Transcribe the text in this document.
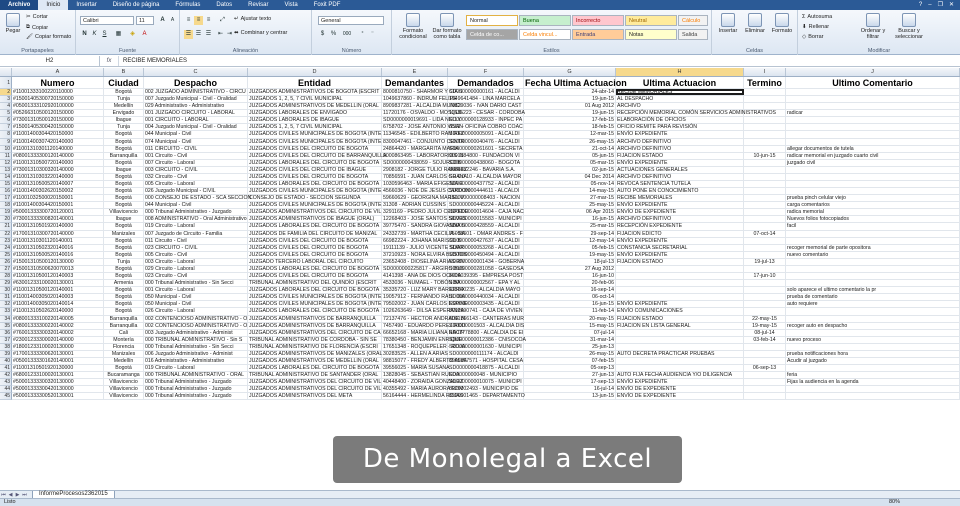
Archivo	Inicio	Insertar	Diseño de página	Fórmulas	Datos	Revisar	Vista	Foxit PDF	? – ❐ ✕
Pegar
✂ Cortar
⧉ Copiar
🖌 Copiar formato
Portapapeles
Calibri	11	A	A
N K S	▦	◈	A
Fuente
≡	≡	≡	⤢	↵ Ajustar texto
☰ ☰ ☰	⇤ ⇥ ⬌ Combinar y centrar
Alineación
General
$	%	000	⁺	⁻
Número
Formato condicional
Dar formato como tabla
Normal	Buena	Incorrecto	Neutral	Cálculo
Celda de co...	Celda vincul...	Entrada	Notas	Salida
Estilos
Insertar Eliminar Formato
Celdas
Σ Autosuma
⬇ Rellenar
◇ Borrar
Ordenar y filtrar
Buscar y seleccionar
Modificar
H2	fx	RECIBE MEMORIALES
A	B	C	D	E	F	G	H	I	J
1
2
3
4
5
6
7
8
9
10
11
12
13
14
15
16
17
18
19
20
21
22
23
24
25
26
27
28
29
30
31
32
33
34
35
36
37
38
39
40
41
42
43
44
45
Numero	Ciudad	Despacho	Entidad	Demandantes	Demandados	Fecha Ultima Actuacion	Ultima Actuacion	Termino	Ultimo Comentario
#11001333100220110000	Bogotá	002 JUZGADO ADMINISTRATIVO - CIRCU JUZGADOS ADMINISTRATIVOS DE BOGOTA (ESCRIT 8000810750 - SHARMOR Y CIA S
SD0000000000161 - ALCALDI	24-abr-14 RECIBE MEMORIALES
#15001405300720150000	Tunja	007 Juzgado Municipal - Civil - Oralidad	JUZGADOS 1, 2, 5, 7 CIVIL MUNICIPAL	1049637860 - INDRUM FELIPE
1049641484 - LINA MARCELA	19-jun-15 AL DESPACHO
#05001333102920100000	Medellín	029 Administrativo - Administrativo	JUZGADOS ADMINISTRATIVOS DE MEDELLIN (ORAL 8909837281 - ALCALDIA MUNICI
70829036 - IVAN DARIO CAST	01 Aug 2012 ARCHIVO
#05266310500120150000	Envigado	001 JUZGADO CIRCUITO - LABORAL	JUZGADOS LABORALES DE ENVIGADO	11720176 - OSVALDO - MOSQUE
11635223 - CESAR - CORDOBA	19-jun-15 RECEPCIÓN MEMORIAL COMÓN SERVICIOS ADMINISTRATIVOS radicar
#73001310500120150000	Ibague	001 CIRCUITO - LABORAL	JUZGADOS LABORALES DE IBAGUE	SD0000000019691 - LIDA NELLY
SD0000000128933 - INPEC PA	17-feb-15 ELABORACIÓN DE OFICIOS
#15001405300420150000	Tunja	004 Juzgado Municipal - Civil - Oralidad	JUZGADOS 1, 2, 5, 7 CIVIL MUNICIPAL	6758702 - JOSE ANTONIO VISAN
6562 - OFICINA COBRO COAC	18-feb-15 OFICIO REMITE PARA REVISIÓN
#11001400304420150000	Bogotá	044 Municipal - Civil	JUZGADOS CIVILES MUNICIPALES DE BOGOTA (INTE 11346545 - EDILBERTO RAMIREZ
SD0000000005091 - ALCALDI	12-mar-15 ENVÍO EXPEDIENTE
#11001400307420140000	Bogotá	074 Municipal - Civil	JUZGADOS CIVILES MUNICIPALES DE BOGOTA (INTE 8300047461 - CONJUNTO CENTR
SD0000000040476 - ALCALDI	26-may-15 ARCHIVO DEFINITIVO
#11001310301120140000	Bogotá	011 CIRCUITO - CIVIL	JUZGADOS CIVILES DEL CIRCUITO DE BOGOTA	24864420 - MARGARITA MARIA
SD0000000261601 - SECRETA	21-oct-14 ARCHIVO DEFINITIVO	allegar documentos de tutela
#08001333300120140000	Barranquilla	001 Circuito - Civil	JUZGADOS CIVILES DEL CIRCUITO DE BARRANQUILLA
9000863495 - LABORATORIOS IN
9001384800 - FUNDACION VI	05-jun-15 FIJACION ESTADO	10-jun-15	radicar memorial en juzgado cuarto civil
#11001310500720140000	Bogotá	007 Circuito - Laboral	JUZGADOS LABORALES DEL CIRCUITO DE BOGOTA SD0000000438059 - SOJURCOB
SD0000000438060 - BOGOTA	05-mar-15 ENVÍO EXPEDIENTE	juzgado civil
#73001310300320140000	Ibague	003 CIRCUITO - CIVIL	JUZGADOS CIVILES DEL CIRCUITO DE IBAGUE	2908182 - JORGE TULIO RAMIREZ
8688852246 - BAVARIA S.A.	02-jun-15 ACTUACIONES GENERALES
#11001310303220140000	Bogotá	032 Circuito - Civil	JUZGADOS CIVILES DEL CIRCUITO DE BOGOTA	70856591 - JUAN CARLOS GRANA
SD 0.0 10 - ALCALDIA MAYOR	04 Dec 2014 ARCHIVO DEFINITIVO
#11001310500520140007	Bogotá	005 Circuito - Laboral	JUZGADOS LABORALES DEL CIRCUITO DE BOGOTA 1030596463 - MARIA EFIGENIA E
SD0000000437752 - ALCALDI	05-nov-14 REVOCA SENTENCIA TUTELA
#11001400302620150002	Bogotá	026 Juzgado Municipal - CIVIL	JUZGADOS CIVILES MUNICIPALES DE BOGOTA (INTE 4566036 - NOE DE JESUS CARDON
SD0000000444611 - ALCALDI	14-may-15 AUTO PONE EN CONOCIMIENTO
#11001032500020150001	Bogotá	000 CONSEJO DE ESTADO - SCA SECCION
CONSEJO DE ESTADO - SECCION SEGUNDA	59660629 - GEORGINA MARIEL V
1500000000008403 - NACION	27-mar-15 RECIBE MEMORIALES	prueba pinch celular viejo
#11001400304420150001	Bogotá	044 Municipal - Civil	JUZGADOS CIVILES MUNICIPALES DE BOGOTA (INTE 31308 - ADRIAN CUSSINS SD0000000445224 - ALCALDI	25-may-15 ENVÍO EXPEDIENTE	carga comentarios
#50001333300720120001	Villavicencio	000 Tribunal Administrativo - Juzgado	JUZGADOS ADMINISTRATIVOS DEL CIRCUITO DE VIL 3291169 - PEDRO JULIO CESPEDE
SD0000000014604 - CAJA NAC	06 Apr 2015 ENVÍO DE EXPEDIENTE	radica memorial
#73001333300820140001	Ibague	008 ADMINISTRATIVO - Oral Administrativo JUZGADOS ADMINISTRATIVOS DE IBAGUE (ORAL)	12268403 - JOSE SANTOS SILVES
SD0000000015583 - MUNICIPI	16-jun-15 ARCHIVO DEFINITIVO	Nuevos folios fotocopiados
#11001310501920140000	Bogotá	019 Circuito - Laboral	JUZGADOS LABORALES DEL CIRCUITO DE BOGOTA 39775470 - SANDRA GIOVANNA S
SD0000000428559 - ALCALDI	25-mar-15 RECEPCIÓN EXPEDIENTE	facil
#17001310300720140000	Manizales	007 Juzgado de Circuito - Familia	JUZGADOS DE FAMILIA DEL CIRCUITO DE MANIZAL	24332739 - MARTHA CECILIA - SA
75098601 - OMAR ANDRES - F	29-sep-14 FIJACION EDICTO	07-oct-14
#11001310301120140001	Bogotá	011 Circuito - Civil	JUZGADOS CIVILES DEL CIRCUITO DE BOGOTA	66982224 - JOHANA MARISOL B
SD0000000427637 - ALCALDI	12-may-14 ENVÍO EXPEDIENTE
#11001310502320140016	Bogotá	023 CIRCUITO - CIVIL	JUZGADOS CIVILES DEL CIRCUITO DE BOGOTA	19111139 - JULIO VICENTE SUAR
SD0000000053268 - ALCALDI	05-feb-15 CONSTANCIA SECRETARIAL	recoger memorial de parte opositora
#11001310500520140016	Bogotá	005 Circuito - Civil	JUZGADOS CIVILES DEL CIRCUITO DE BOGOTA	37210923 - NORA ELVIRA BUSTOS
SD0000000450494 - ALCALDI	19-may-15 ENVÍO EXPEDIENTE	nuevo comentario
#15001310500120130000	Tunja	003 Circuito - Laboral	JUZGADO TERCERO LABORAL DEL CIRCUITO	23652408 - DIOSELINA ARIAS RIV
SD0000000001434 - GOBERNA	18-jul-13 FIJACION ESTADO	19-jul-13
#15001310500620070013	Bogotá	029 Circuito - Laboral	JUZGADOS LABORALES DEL CIRCUITO DE BOGOTA SD0000000225817 - ARGIRO BUS
SD0000000281058 - GASEOSA	27 Aug 2012
#11001310500120140003	Bogotá	023 Circuito - Civil	JUZGADOS CIVILES DEL CIRCUITO DE BOGOTA	4141398 - ANA DE DIOS OCHOA
8909039395 - EMPRESA POST	16-jun-10	17-jun-10
#63001233100020130001	Armenia	000 Tribunal Administrativo - Sin Secci	TRIBUNAL ADMINISTRATIVO DEL QUINDÍO (ESCRIT	4533036 - NUMAEL - TOBÓN BA
SD0000000002567 - EPA Y AL	20-feb-06
#11001310500120140001	Bogotá	001 Circuito - Laboral	JUZGADOS LABORALES DEL CIRCUITO DE BOGOTA 35335720 - LUZ MARY BARRERO
125640235 - ALCALDIA MAYO	16-sep-14	solo aparece el ultimo comentario la pr
#11001400305020140003	Bogotá	050 Municipal - Civil	JUZGADOS CIVILES MUNICIPALES DE BOGOTA (INTE 19057912 - FERNANDO RAUL DIA
SD0000000440034 - ALCALDI	06-oct-14	prueba de comentario
#11001400305020140014	Bogotá	050 Municipal - Civil	JUZGADOS CIVILES MUNICIPALES DE BOGOTA (INTE 79502002 - JUAN CARLOS ESPINE
SD0000000003435 - ALCALDI	16-jun-15 ENVÍO EXPEDIENTE	auto requiere
#11001310502620140000	Bogotá	026 Circuito - Laboral	JUZGADOS LABORALES DEL CIRCUITO DE BOGOTA 1026263649 - DILSA ESPERANZA
8999990741 - CAJA DE VIVIEN	11-feb-14 ENVÍO COMUNICACIONES
#08001333100220140005	Barranquilla	002 CONTENCIOSO ADMINISTRATIVO - O JUZGADOS ADMINISTRATIVOS DE BARRANQUILLA	72137476 - HECTOR ANDRADE BI
8001766143 - CANTERAS MUR	20-may-15 FIJACION ESTADO	22-may-15
#08001333300220140002	Barranquilla	002 CONTENCIOSO ADMINISTRATIVO - O JUZGADOS ADMINISTRATIVOS DE BARRANQUILLA	7457490 - EDUARDO PEREZ ROD
SD0000001503 - ALCALDIA DIS	15-may-15 FIJACION EN LISTA GENERAL	19-may-15	recoger auto en despacho
#76001333300320140002	Cali	003 Juzgado Administrativo - Administ	JUZGADOS ADMINISTRATIVOS DEL CIRCUITO DE CA 66652168 - MARIA LILIANA RACIP
SD07778800 - ALCALDIA DE EI	07-jul-14	08-jul-14
#23001233300020140000	Montería	000 TRIBUNAL ADMINISTRATIVO - Sin S	TRIBUNAL ADMINISTRATIVO DE CORDOBA - SIN SE	78380450 - BENJAMIN ENRIQUE
SD0000000012386 - CNISOCOA	31-mar-14	03-feb-14	nuevo proceso
#18001233100020130000	Florencia	000 Tribunal Administrativo - Sin Secci	TRIBUNAL ADMINISTRATIVO DE FLORENCIA (ESCRI 17651348 - ROQUEPELER - ROJA
SD0000000001630 - MUNICIPI	25-jun-13
#17001333300620130001	Manizales	006 Juzgado Administrativo - Administ	JUZGADOS ADMINISTRATIVOS DE MANIZALES (ORAL 30283525 - ALLEN A ARIAS SD0000000111174 - ALCALDI	26-may-15 AUTO DECRETA PRACTICAR PRUEBAS	prueba notificaciones hora
#05001333301620140001	Medellín	016 Administrativo - Administrativo	JUZGADOS ADMINISTRATIVOS DE MEDELLIN (ORAL 98815077 - FREDY ALBERTO ALVA
8909807571 - HOSPITAL CESA	07-feb-15	Acudir al juzgado
#11001310501920130000	Bogotá	019 Circuito - Laboral	JUZGADOS LABORALES DEL CIRCUITO DE BOGOTA 39556025 - MARIA SUSANA SD0000000418875 - ALCALDI	05-sep-13	06-sep-13
#68001233100020130001	Bucaramanga	000 TRIBUNAL ADMINISTRATIVO - ORAL TRIBUNAL ADMINISTRATIVO DE SANTANDER (ORAL 13828045 - SEBASTIAN RUEDA
SD0000000048 - MUNICIPIO	27-jun-13 AUTO FIJA FECHA AUDIENCIA Y/O DILIGENCIA	feria
#50001333300320130000	Villavicencio	000 Tribunal Administrativo - Juzgado	JUZGADOS ADMINISTRATIVOS DEL CIRCUITO DE VIL 40448400 - ZORAIDA GONZALEZ
SD0000000010075 - MUNICIPI	17-sep-13 ENVÍO EXPEDIENTE	Fijas la audiencia en la agenda
#50001333300420130000	Villavicencio	000 Tribunal Administrativo - Juzgado	JUZGADOS ADMINISTRATIVOS DEL CIRCUITO DE VIL 40355492 - MARIA AURORA ROM
8920002493 - MUNICIPIO DE	16-jul-14 ENVÍO DE EXPEDIENTE
#50001333300520130001	Villavicencio	000 Tribunal Administrativo - Juzgado	JUZGADOS ADMINISTRATIVOS DEL META	56164444 - HERMELINDA ROJAS
8920001465 - DEPARTAMENTO	13-jun-15 ENVÍO DE EXPEDIENTE
⏮ ◀ ▶ ⏭	InformeProcesos2362015
Listo	80%
De Monolegal a Excel
